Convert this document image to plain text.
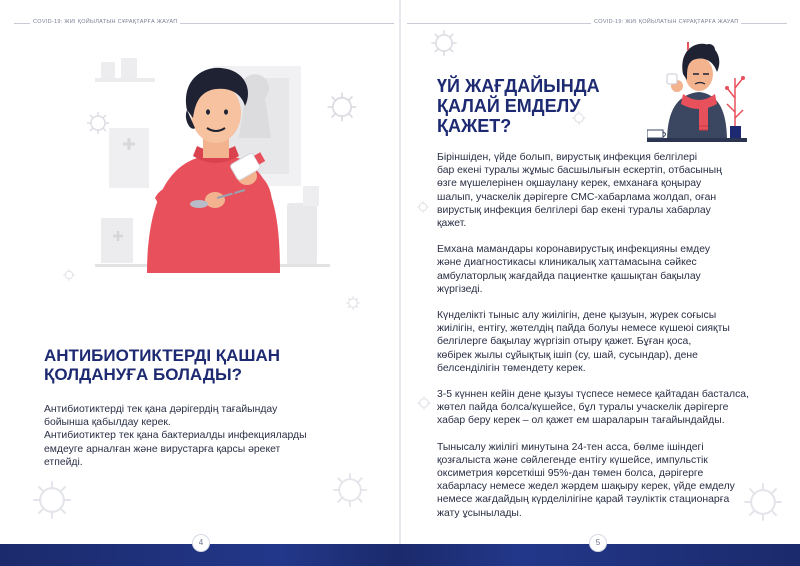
COVID-19: ЖИІ ҚОЙЫЛАТЫН СҰРАҚТАРҒА ЖАУАП
АНТИБИОТИКТЕРДІ ҚАШАН
ҚОЛДАНУҒА БОЛАДЫ?
Антибиотиктерді тек қана дәрігердің тағайындау
бойынша қабылдау керек.
Антибиотиктер тек қана бактериалды инфекцияларды
емдеуге арналған және вирустарға қарсы әрекет
етпейді.
COVID-19: ЖИІ ҚОЙЫЛАТЫН СҰРАҚТАРҒА ЖАУАП
ҮЙ ЖАҒДАЙЫНДА
ҚАЛАЙ ЕМДЕЛУ
ҚАЖЕТ?

Біріншіден, үйде болып, вирустық инфекция белгілері
бар екені туралы жұмыс басшылығын ескертіп, отбасының
өзге мүшелерінен оқшаулану керек, емханаға қоңырау
шалып, учаскелік дәрігерге СМС-хабарлама жолдап, оған
вирустық инфекция белгілері бар екені туралы хабарлау
қажет.

Емхана мамандары коронавирустық инфекцияны емдеу
және диагностикасы клиникалық хаттамасына сәйкес
амбулаторлық жағдайда пациентке қашықтан бақылау
жүргізеді.

Күнделікті тыныс алу жиілігін, дене қызуын, жүрек соғысы
жиілігін, ентігу, жөтелдің пайда болуы немесе күшеюі сияқты
белгілерге бақылау жүргізіп отыру қажет. Бұған қоса,
көбірек жылы сұйықтық ішіп (су, шай, сусындар), дене
белсенділігін төмендету керек.

3-5 күннен кейін дене қызуы түспесе немесе қайтадан басталса,
жөтел пайда болса/күшейсе, бұл туралы учаскелік дәрігерге
хабар беру керек – ол қажет ем шараларын тағайындайды.

Тынысалу жиілігі минутына 24-тен асса, бөлме ішіндегі
қозғалыста және сөйлегенде ентігу күшейсе, импульстік
оксиметрия көрсеткіші 95%-дан төмен болса, дәрігерге
хабарласу немесе жедел жәрдем шақыру керек, үйде емделу
немесе жағдайдың күрделілігіне қарай тәуліктік стационарға
жату ұсынылады.

4	5
